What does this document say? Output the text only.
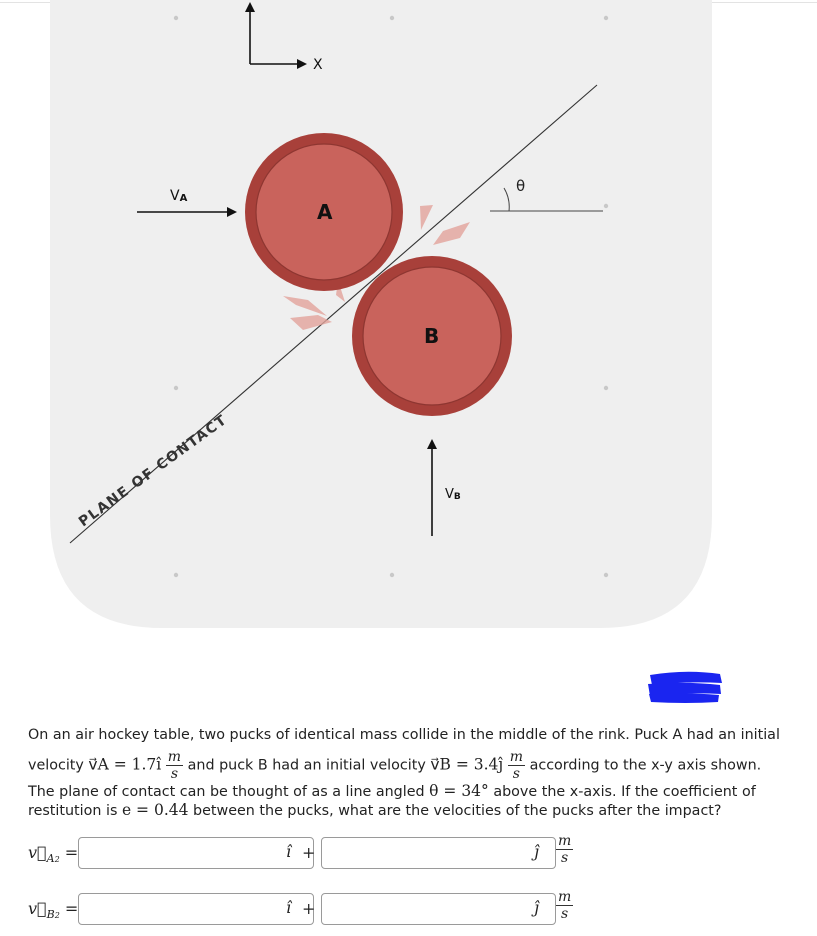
X
PLANE OF CONTACT
θ
A
B
VA
VB
On an air hockey table, two pucks of identical mass collide in the middle of the rink. Puck A had an initial
velocity v⃗A = 1.7î $\frac{m}{s}$ and puck B had an initial velocity v⃗B = 3.4ĵ $\frac{m}{s}$ according to the x-y axis shown.
The plane of contact can be thought of as a line angled θ = 34° above the x-axis. If the coefficient of
restitution is e = 0.44 between the pucks, what are the velocities of the pucks after the impact?
$v⃗_{A2}$ =	î +	ĵ $\frac{m}{s}$
$v⃗_{B2}$ =	î +	ĵ $\frac{m}{s}$
